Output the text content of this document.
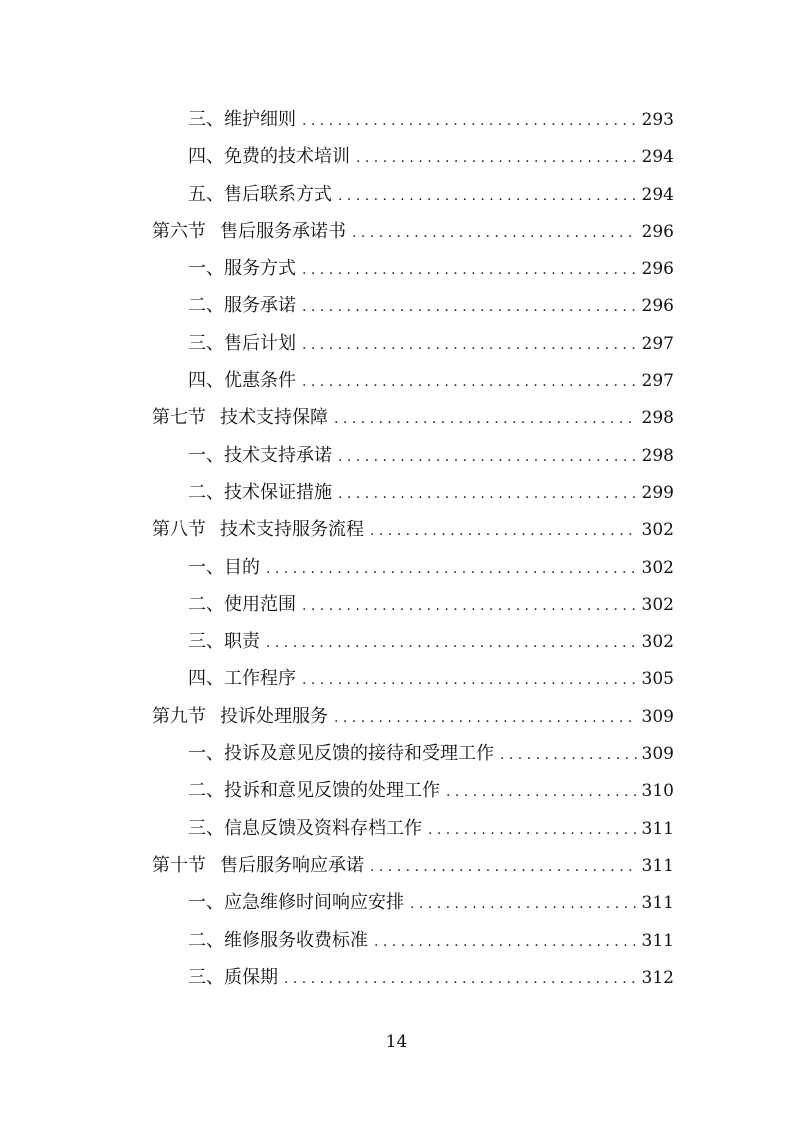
三、维护细则 . . .	293
四、免费的技术培训 . . .	294
五、售后联系方式 . . .	294
第六节 售后服务承诺书 . . .	296
一、服务方式 . . .	296
二、服务承诺 . . .	296
三、售后计划 . . .	297
四、优惠条件 . . .	297
第七节 技术支持保障 . . .	298
一、技术支持承诺 . . .	298
二、技术保证措施 . . .	299
第八节 技术支持服务流程 . . .	302
一、目的 . . .	302
二、使用范围 . . .	302
三、职责 . . .	302
四、工作程序 . . .	305
第九节 投诉处理服务 . . .	309
一、投诉及意见反馈的接待和受理工作 . . .	309
二、投诉和意见反馈的处理工作 . . .	310
三、信息反馈及资料存档工作 . . .	311
第十节 售后服务响应承诺 . . .	311
一、应急维修时间响应安排 . . .	311
二、维修服务收费标准 . . .	311
三、质保期 . . .	312
14
